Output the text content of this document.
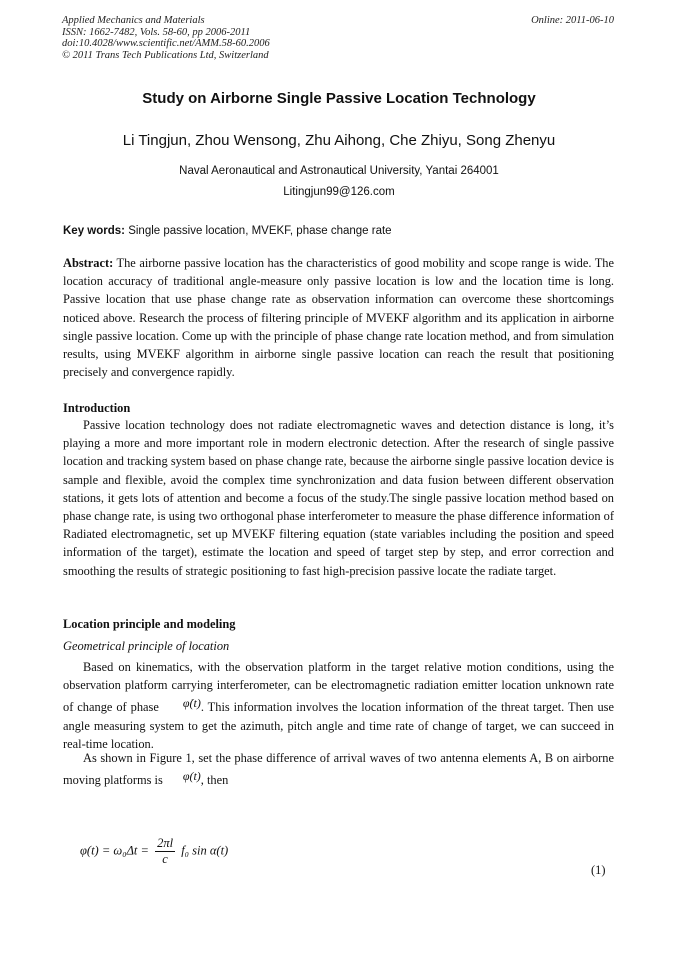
Applied Mechanics and Materials
ISSN: 1662-7482, Vols. 58-60, pp 2006-2011
doi:10.4028/www.scientific.net/AMM.58-60.2006
© 2011 Trans Tech Publications Ltd, Switzerland
Online: 2011-06-10
Study on Airborne Single Passive Location Technology
Li Tingjun, Zhou Wensong, Zhu Aihong, Che Zhiyu, Song Zhenyu
Naval Aeronautical and Astronautical University, Yantai 264001
Litingjun99@126.com
Key words: Single passive location, MVEKF, phase change rate
Abstract: The airborne passive location has the characteristics of good mobility and scope range is wide. The location accuracy of traditional angle-measure only passive location is low and the location time is long. Passive location that use phase change rate as observation information can overcome these shortcomings noticed above. Research the process of filtering principle of MVEKF algorithm and its application in airborne single passive location. Come up with the principle of phase change rate location method, and from simulation results, using MVEKF algorithm in airborne single passive location can reach the result that positioning precisely and convergence rapidly.
Introduction
Passive location technology does not radiate electromagnetic waves and detection distance is long, it’s playing a more and more important role in modern electronic detection. After the research of single passive location and tracking system based on phase change rate, because the airborne single passive location device is sample and flexible, avoid the complex time synchronization and data fusion between different observation stations, it gets lots of attention and become a focus of the study.The single passive location method based on phase change rate, is using two orthogonal phase interferometer to measure the phase difference information of Radiated electromagnetic, set up MVEKF filtering equation (state variables including the position and speed information of the target), estimate the location and speed of target step by step, and error correction and smoothing the results of strategic positioning to fast high-precision passive locate the radiate target.
Location principle and modeling
Geometrical principle of location
Based on kinematics, with the observation platform in the target relative motion conditions, using the observation platform carrying interferometer, can be electromagnetic radiation emitter location unknown rate of change of phase φ̇(t). This information involves the location information of the threat target. Then use angle measuring system to get the azimuth, pitch angle and time rate of change of target, we can succeed in real-time location.
As shown in Figure 1, set the phase difference of arrival waves of two antenna elements A, B on airborne moving platforms is φ(t), then
$\varphi(t) = \omega_0\Delta t = \frac{2\pi l}{c} f_0$ sin α(t)
(1)
